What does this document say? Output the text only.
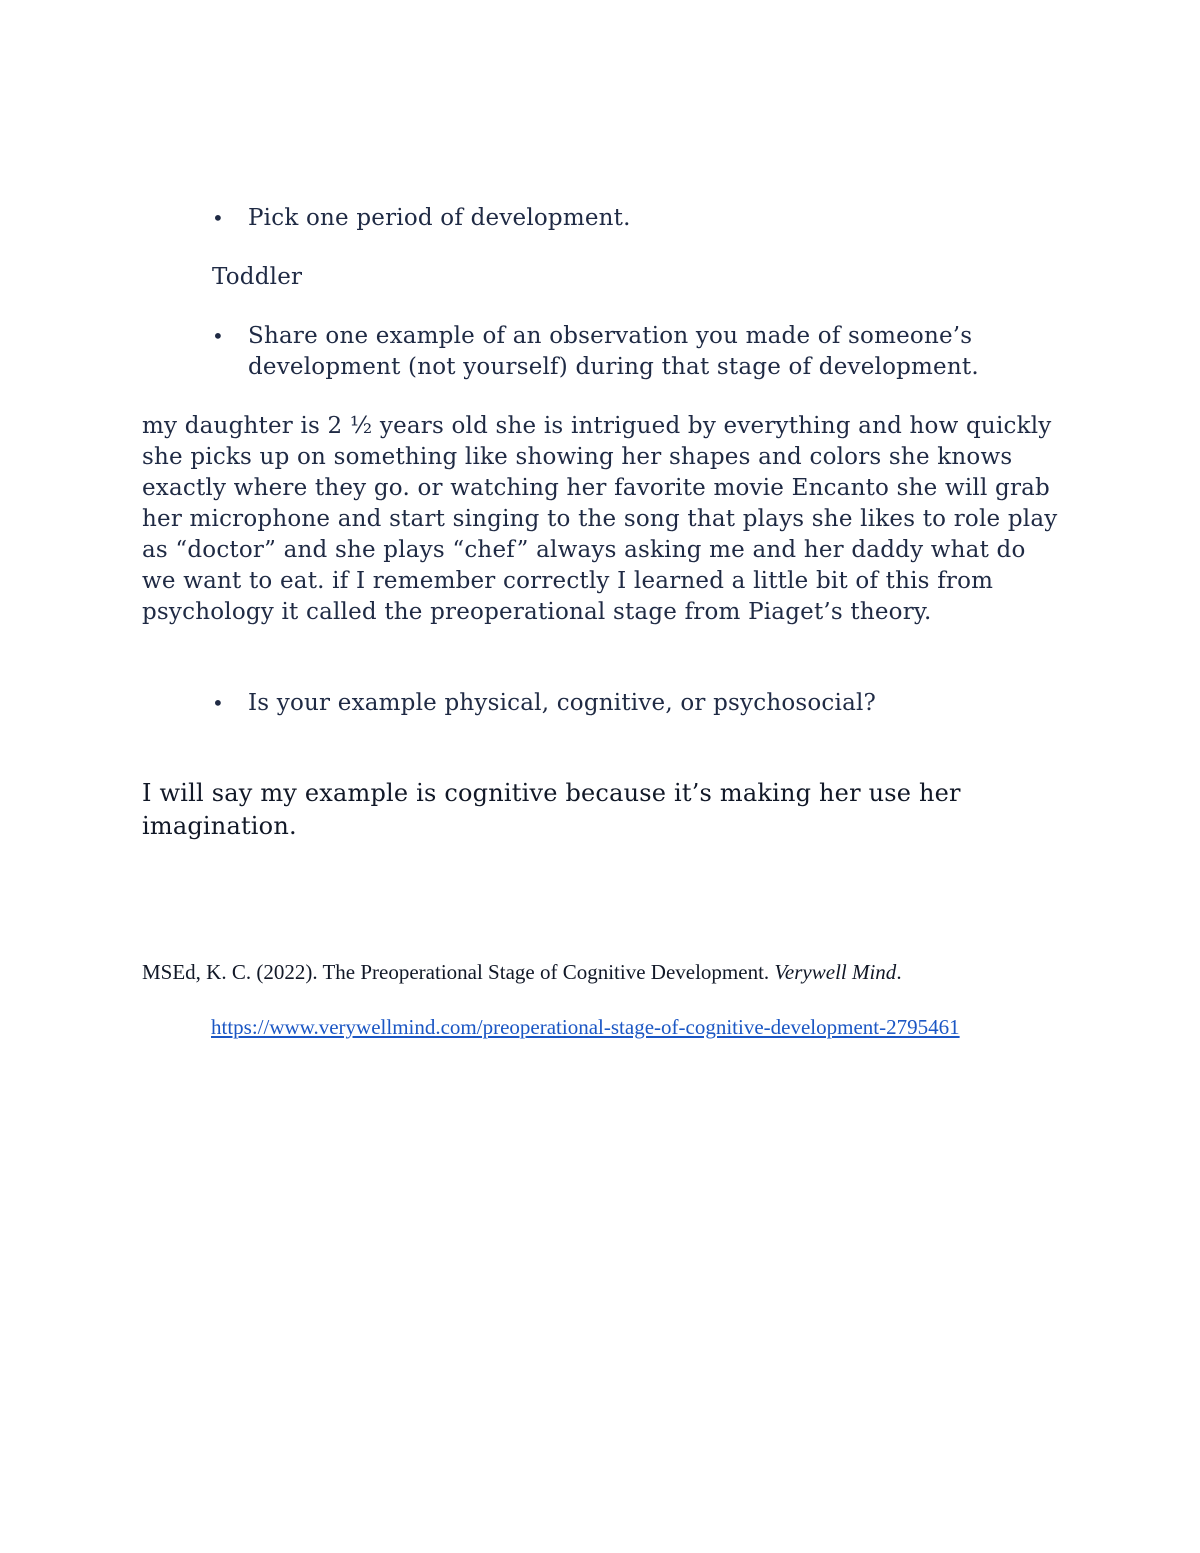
•	Pick one period of development.
Toddler
•	Share one example of an observation you made of someone’s development (not yourself) during that stage of development.
my daughter is 2 ½ years old she is intrigued by everything and how quickly she picks up on something like showing her shapes and colors she knows exactly where they go. or watching her favorite movie Encanto she will grab her microphone and start singing to the song that plays she likes to role play as “doctor” and she plays “chef” always asking me and her daddy what do we want to eat. if I remember correctly I learned a little bit of this from psychology it called the preoperational stage from Piaget’s theory.
•	Is your example physical, cognitive, or psychosocial?
I will say my example is cognitive because it’s making her use her imagination.
MSEd, K. C. (2022). The Preoperational Stage of Cognitive Development. Verywell Mind.
https://www.verywellmind.com/preoperational-stage-of-cognitive-development-2795461
